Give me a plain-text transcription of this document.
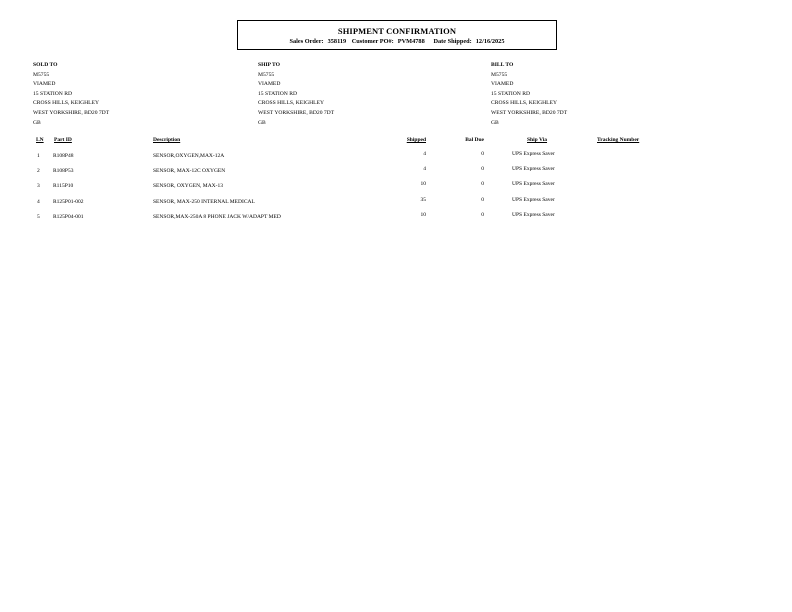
SHIPMENT CONFIRMATION
Sales Order: 358119 Customer PO#: PVM4788 Date Shipped: 12/16/2025
SOLD TO
M5755
VIAMED
15 STATION RD
CROSS HILLS, KEIGHLEY
WEST YORKSHIRE, BD20 7DT
GB
SHIP TO
M5755
VIAMED
15 STATION RD
CROSS HILLS, KEIGHLEY
WEST YORKSHIRE, BD20 7DT
GB
BILL TO
M5755
VIAMED
15 STATION RD
CROSS HILLS, KEIGHLEY
WEST YORKSHIRE, BD20 7DT
GB
LN Part ID	Description	Shipped	Bal Due	Ship Via	Tracking Number
1 R108P48	SENSOR,OXYGEN,MAX-12A	4	0	UPS Express Saver
2 R108P53	SENSOR, MAX-12C OXYGEN	4	0	UPS Express Saver
3 R115P10	SENSOR, OXYGEN, MAX-13	10	0	UPS Express Saver
4 R125P01-002	SENSOR, MAX-250 INTERNAL MEDICAL	35	0	UPS Express Saver
5 R125P04-001	SENSOR,MAX-250A 8 PHONE JACK W/ADAPT MED	10	0	UPS Express Saver
